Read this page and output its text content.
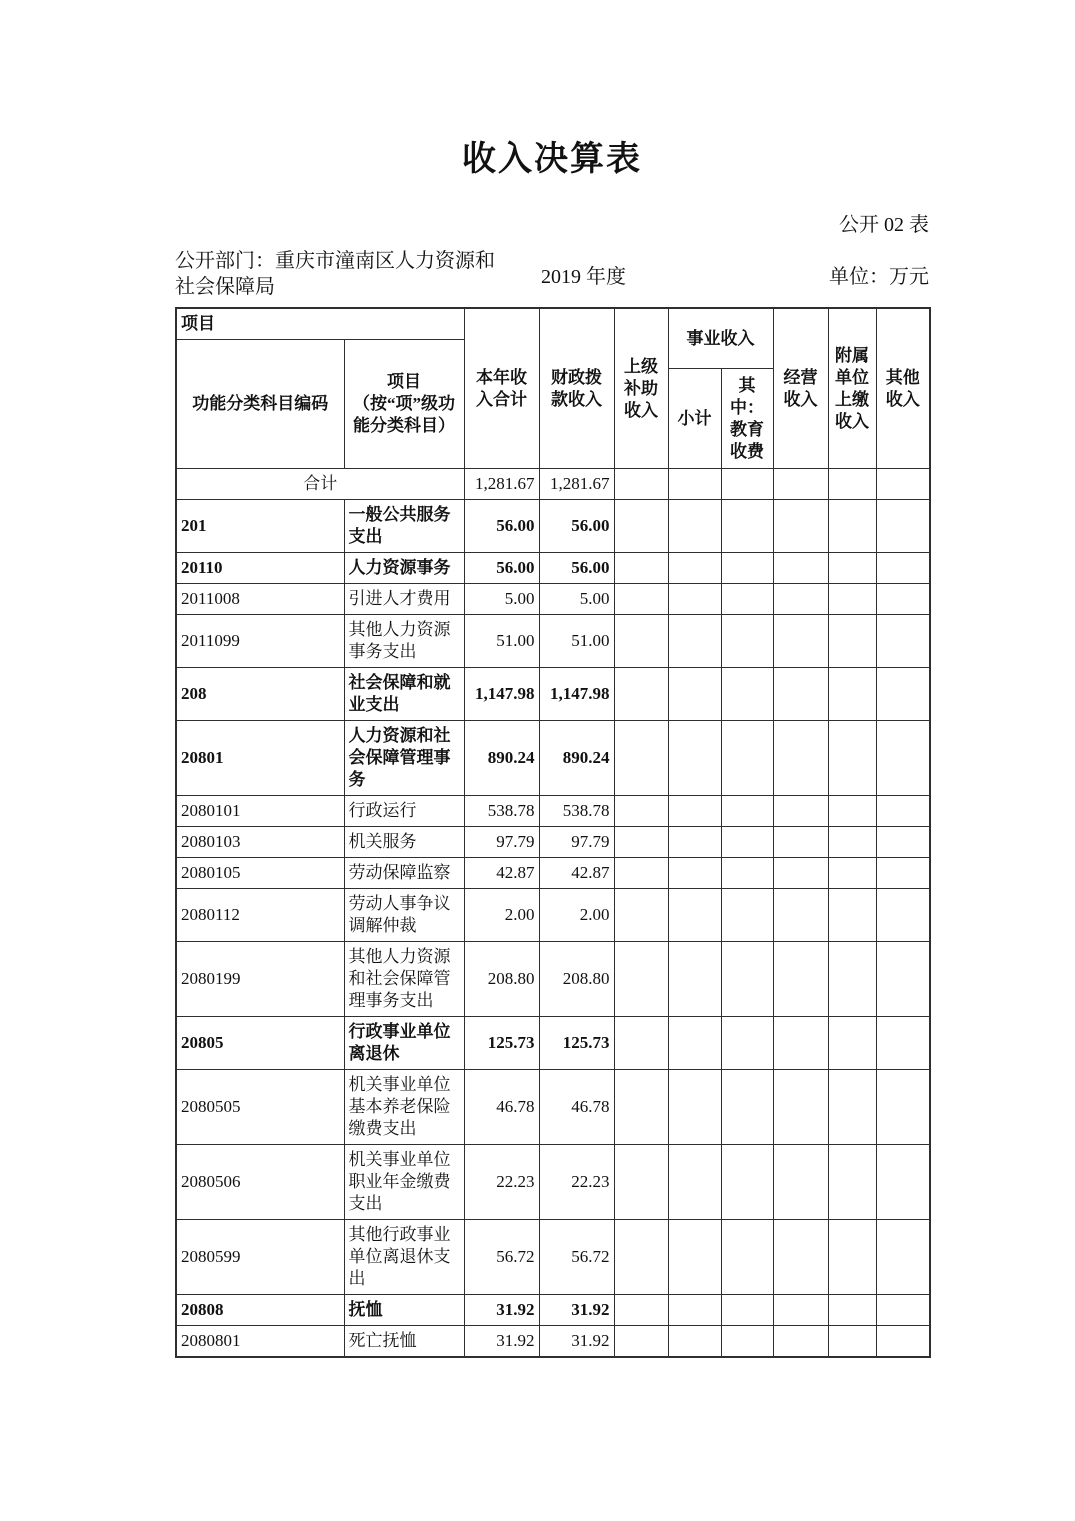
收入决算表
公开 02 表
公开部门：重庆市潼南区人力资源和
社会保障局	2019 年度	单位：万元
项目		本年收入合计	财政拨款收入	上级补助收入	事业收入		经营收入	附属单位上缴收入	其他收入
功能分类科目编码	项目（按“项”级功能分类科目）								
					小计	其中：教育收费			
合计		1,281.67	1,281.67						
201	一般公共服务支出	56.00	56.00						
20110	人力资源事务	56.00	56.00						
2011008	引进人才费用	5.00	5.00						
2011099	其他人力资源事务支出	51.00	51.00						
208	社会保障和就业支出	1,147.98	1,147.98						
20801	人力资源和社会保障管理事务	890.24	890.24						
2080101	行政运行	538.78	538.78						
2080103	机关服务	97.79	97.79						
2080105	劳动保障监察	42.87	42.87						
2080112	劳动人事争议调解仲裁	2.00	2.00						
2080199	其他人力资源和社会保障管理事务支出	208.80	208.80						
20805	行政事业单位离退休	125.73	125.73						
2080505	机关事业单位基本养老保险缴费支出	46.78	46.78						
2080506	机关事业单位职业年金缴费支出	22.23	22.23						
2080599	其他行政事业单位离退休支出	56.72	56.72						
20808	抚恤	31.92	31.92						
2080801	死亡抚恤	31.92	31.92						
